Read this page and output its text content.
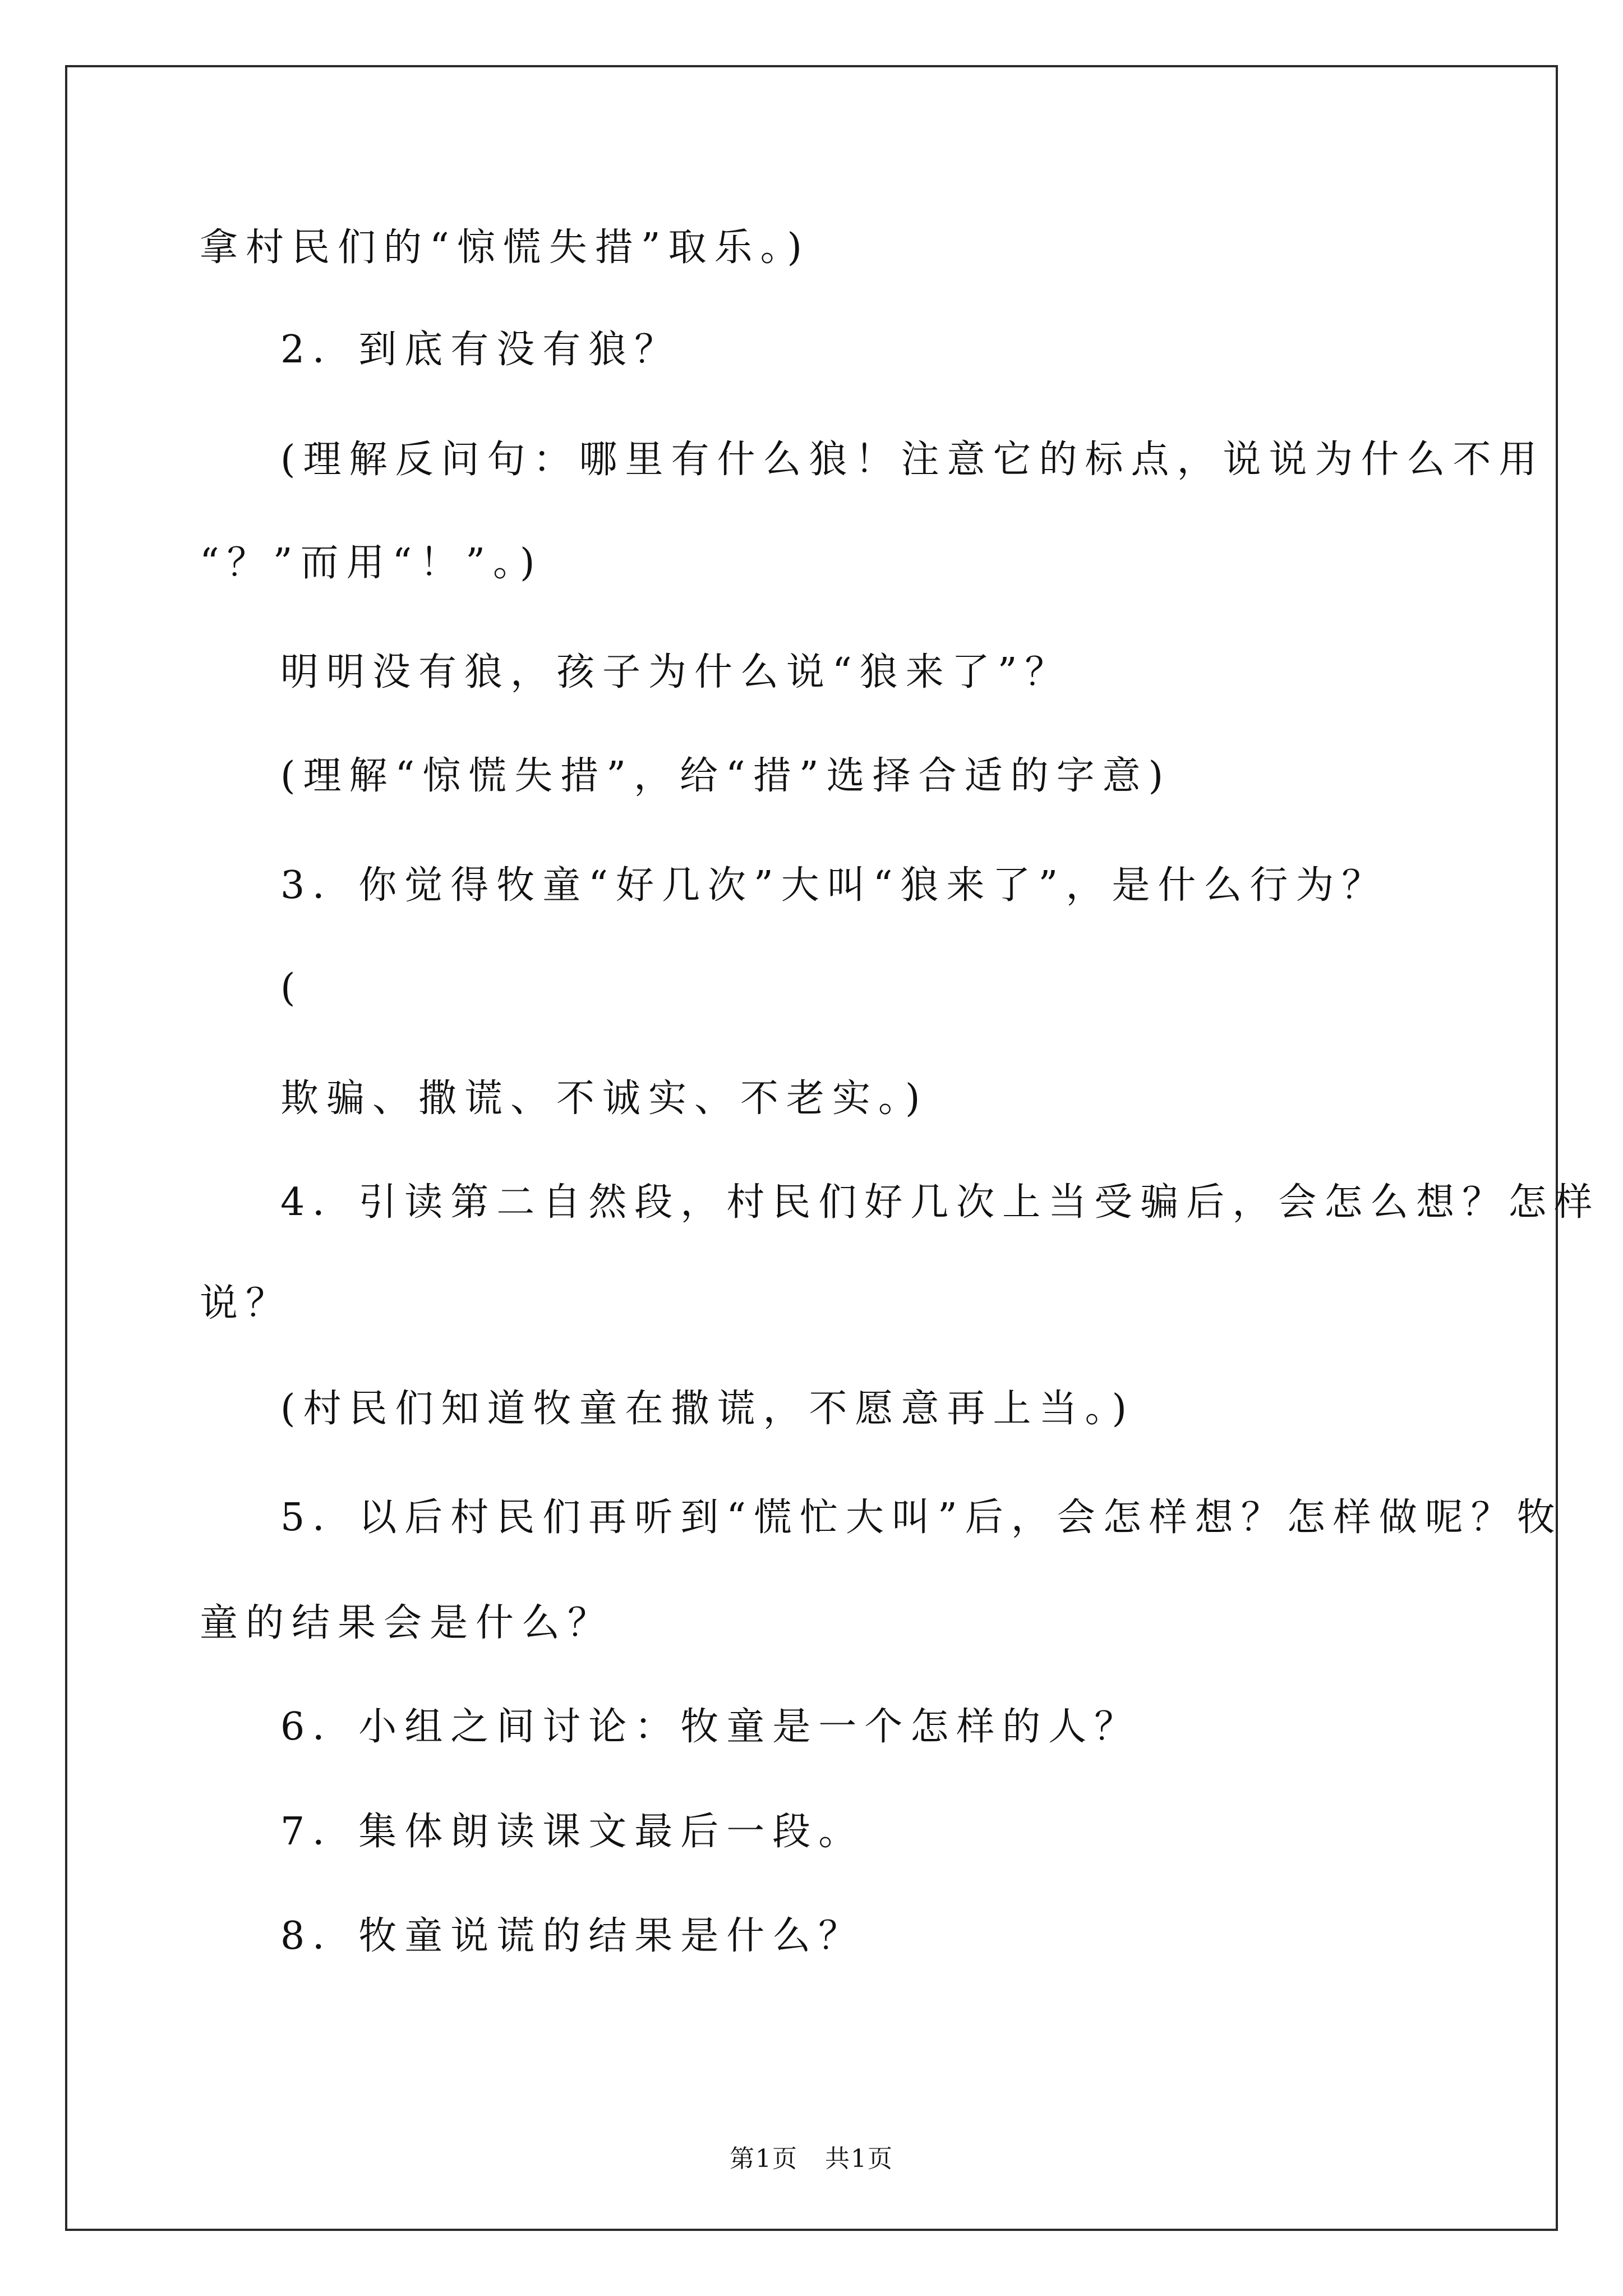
拿村民们的“惊慌失措”取乐。)
2．到底有没有狼？
(理解反问句：哪里有什么狼！注意它的标点，说说为什么不用
“？”而用“！”。)
明明没有狼，孩子为什么说“狼来了”？
(理解“惊慌失措”，给“措”选择合适的字意)
3．你觉得牧童“好几次”大叫“狼来了”，是什么行为？
(
欺骗、撒谎、不诚实、不老实。)
4．引读第二自然段，村民们好几次上当受骗后，会怎么想？怎样
说？
(村民们知道牧童在撒谎，不愿意再上当。)
5．以后村民们再听到“慌忙大叫”后，会怎样想？怎样做呢？牧
童的结果会是什么？
6．小组之间讨论：牧童是一个怎样的人？
7．集体朗读课文最后一段。
8．牧童说谎的结果是什么？
第1页   共1页
